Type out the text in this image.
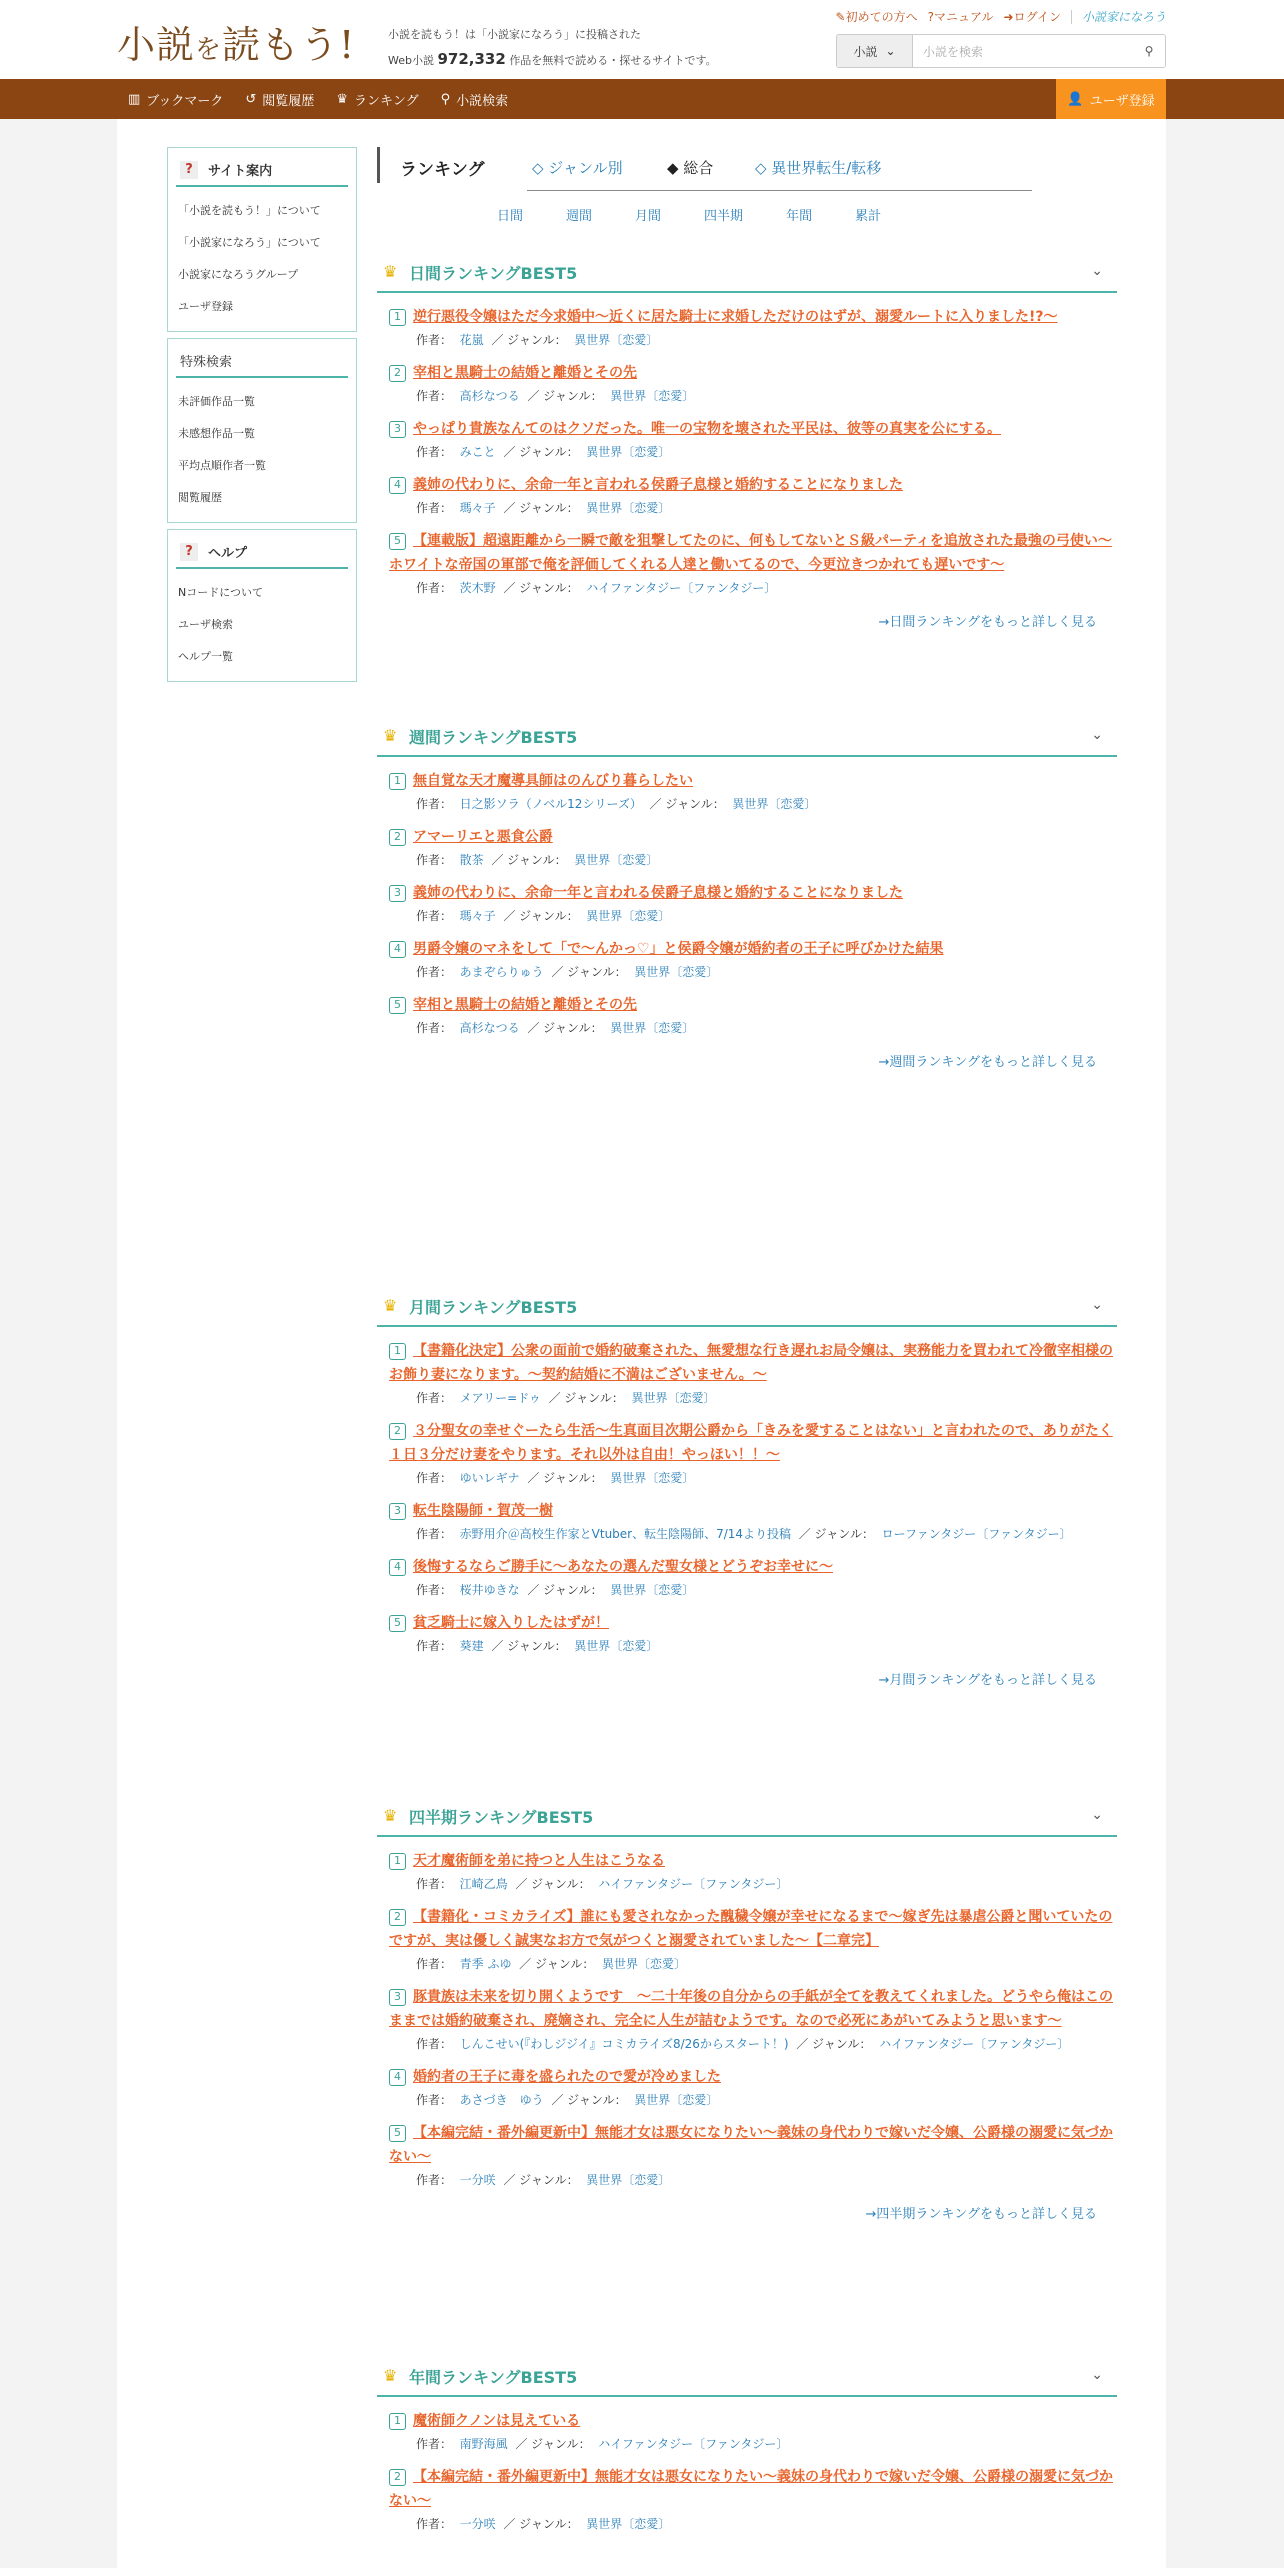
小説を読もう!	小説を読もう！は「小説家になろう」に投稿された
Web小説 972,332 作品を無料で読める・探せるサイトです。
✎初めての方へ ?マニュアル ➜ログイン 小説家になろう
小説 ⌄	小説を検索	⚲
▥ ブックマーク ↺ 閲覧履歴 ♛ ランキング ⚲ 小説検索	👤 ユーザ登録
?	サイト案内
「小説を読もう！」について
「小説家になろう」について
小説家になろうグループ
ユーザ登録
特殊検索
未評価作品一覧
未感想作品一覧
平均点順作者一覧
閲覧履歴
?	ヘルプ
Nコードについて
ユーザ検索
ヘルプ一覧
ランキング	◇ ジャンル別	◆ 総合	◇ 異世界転生/転移
日間	週間	月間	四半期	年間	累計
♛ 日間ランキングBEST5	⌄
1 逆行悪役令嬢はただ今求婚中～近くに居た騎士に求婚しただけのはずが、溺愛ルートに入りました!?～
作者： 花嵐 ／ ジャンル： 異世界〔恋愛〕
2 宰相と黒騎士の結婚と離婚とその先
作者： 高杉なつる ／ ジャンル： 異世界〔恋愛〕
3 やっぱり貴族なんてのはクソだった。唯一の宝物を壊された平民は、彼等の真実を公にする。
作者： みこと ／ ジャンル： 異世界〔恋愛〕
4 義姉の代わりに、余命一年と言われる侯爵子息様と婚約することになりました
作者： 瑪々子 ／ ジャンル： 異世界〔恋愛〕
5 【連載版】超遠距離から一瞬で敵を狙撃してたのに、何もしてないとＳ級パーティを追放された最強の弓使い～ホワイトな帝国の軍部で俺を評価してくれる人達と働いてるので、今更泣きつかれても遅いです～
作者： 茨木野 ／ ジャンル： ハイファンタジー〔ファンタジー〕
→日間ランキングをもっと詳しく見る
♛ 週間ランキングBEST5	⌄
1 無自覚な天才魔導具師はのんびり暮らしたい
作者： 日之影ソラ（ノベル12シリーズ） ／ ジャンル： 異世界〔恋愛〕
2 アマーリエと悪食公爵
作者： 散茶 ／ ジャンル： 異世界〔恋愛〕
3 義姉の代わりに、余命一年と言われる侯爵子息様と婚約することになりました
作者： 瑪々子 ／ ジャンル： 異世界〔恋愛〕
4 男爵令嬢のマネをして「で〜んかっ♡」と侯爵令嬢が婚約者の王子に呼びかけた結果
作者： あまぞらりゅう ／ ジャンル： 異世界〔恋愛〕
5 宰相と黒騎士の結婚と離婚とその先
作者： 高杉なつる ／ ジャンル： 異世界〔恋愛〕
→週間ランキングをもっと詳しく見る
♛ 月間ランキングBEST5	⌄
1 【書籍化決定】公衆の面前で婚約破棄された、無愛想な行き遅れお局令嬢は、実務能力を買われて冷徹宰相様のお飾り妻になります。～契約結婚に不満はございません。～
作者： メアリー=ドゥ ／ ジャンル： 異世界〔恋愛〕
2 ３分聖女の幸せぐーたら生活〜生真面目次期公爵から「きみを愛することはない」と言われたので、ありがたく１日３分だけ妻をやります。それ以外は自由！やっほい！！〜
作者： ゆいレギナ ／ ジャンル： 異世界〔恋愛〕
3 転生陰陽師・賀茂一樹
作者： 赤野用介＠高校生作家とVtuber、転生陰陽師、7/14より投稿 ／ ジャンル： ローファンタジー〔ファンタジー〕
4 後悔するならご勝手に～あなたの選んだ聖女様とどうぞお幸せに～
作者： 桜井ゆきな ／ ジャンル： 異世界〔恋愛〕
5 貧乏騎士に嫁入りしたはずが！
作者： 葵建 ／ ジャンル： 異世界〔恋愛〕
→月間ランキングをもっと詳しく見る
♛ 四半期ランキングBEST5	⌄
1 天才魔術師を弟に持つと人生はこうなる
作者： 江崎乙鳥 ／ ジャンル： ハイファンタジー〔ファンタジー〕
2 【書籍化・コミカライズ】誰にも愛されなかった醜穢令嬢が幸せになるまで〜嫁ぎ先は暴虐公爵と聞いていたのですが、実は優しく誠実なお方で気がつくと溺愛されていました〜【二章完】
作者： 青季 ふゆ ／ ジャンル： 異世界〔恋愛〕
3 豚貴族は未来を切り開くようです　～二十年後の自分からの手紙が全てを教えてくれました。どうやら俺はこのままでは婚約破棄され、廃嫡され、完全に人生が詰むようです。なので必死にあがいてみようと思います～
作者： しんこせい(『わしジジイ』コミカライズ8/26からスタート！) ／ ジャンル： ハイファンタジー〔ファンタジー〕
4 婚約者の王子に毒を盛られたので愛が冷めました
作者： あさづき　ゆう ／ ジャンル： 異世界〔恋愛〕
5 【本編完結・番外編更新中】無能才女は悪女になりたい～義妹の身代わりで嫁いだ令嬢、公爵様の溺愛に気づかない～
作者： 一分咲 ／ ジャンル： 異世界〔恋愛〕
→四半期ランキングをもっと詳しく見る
♛ 年間ランキングBEST5	⌄
1 魔術師クノンは見えている
作者： 南野海風 ／ ジャンル： ハイファンタジー〔ファンタジー〕
2 【本編完結・番外編更新中】無能才女は悪女になりたい～義妹の身代わりで嫁いだ令嬢、公爵様の溺愛に気づかない～
作者： 一分咲 ／ ジャンル： 異世界〔恋愛〕
